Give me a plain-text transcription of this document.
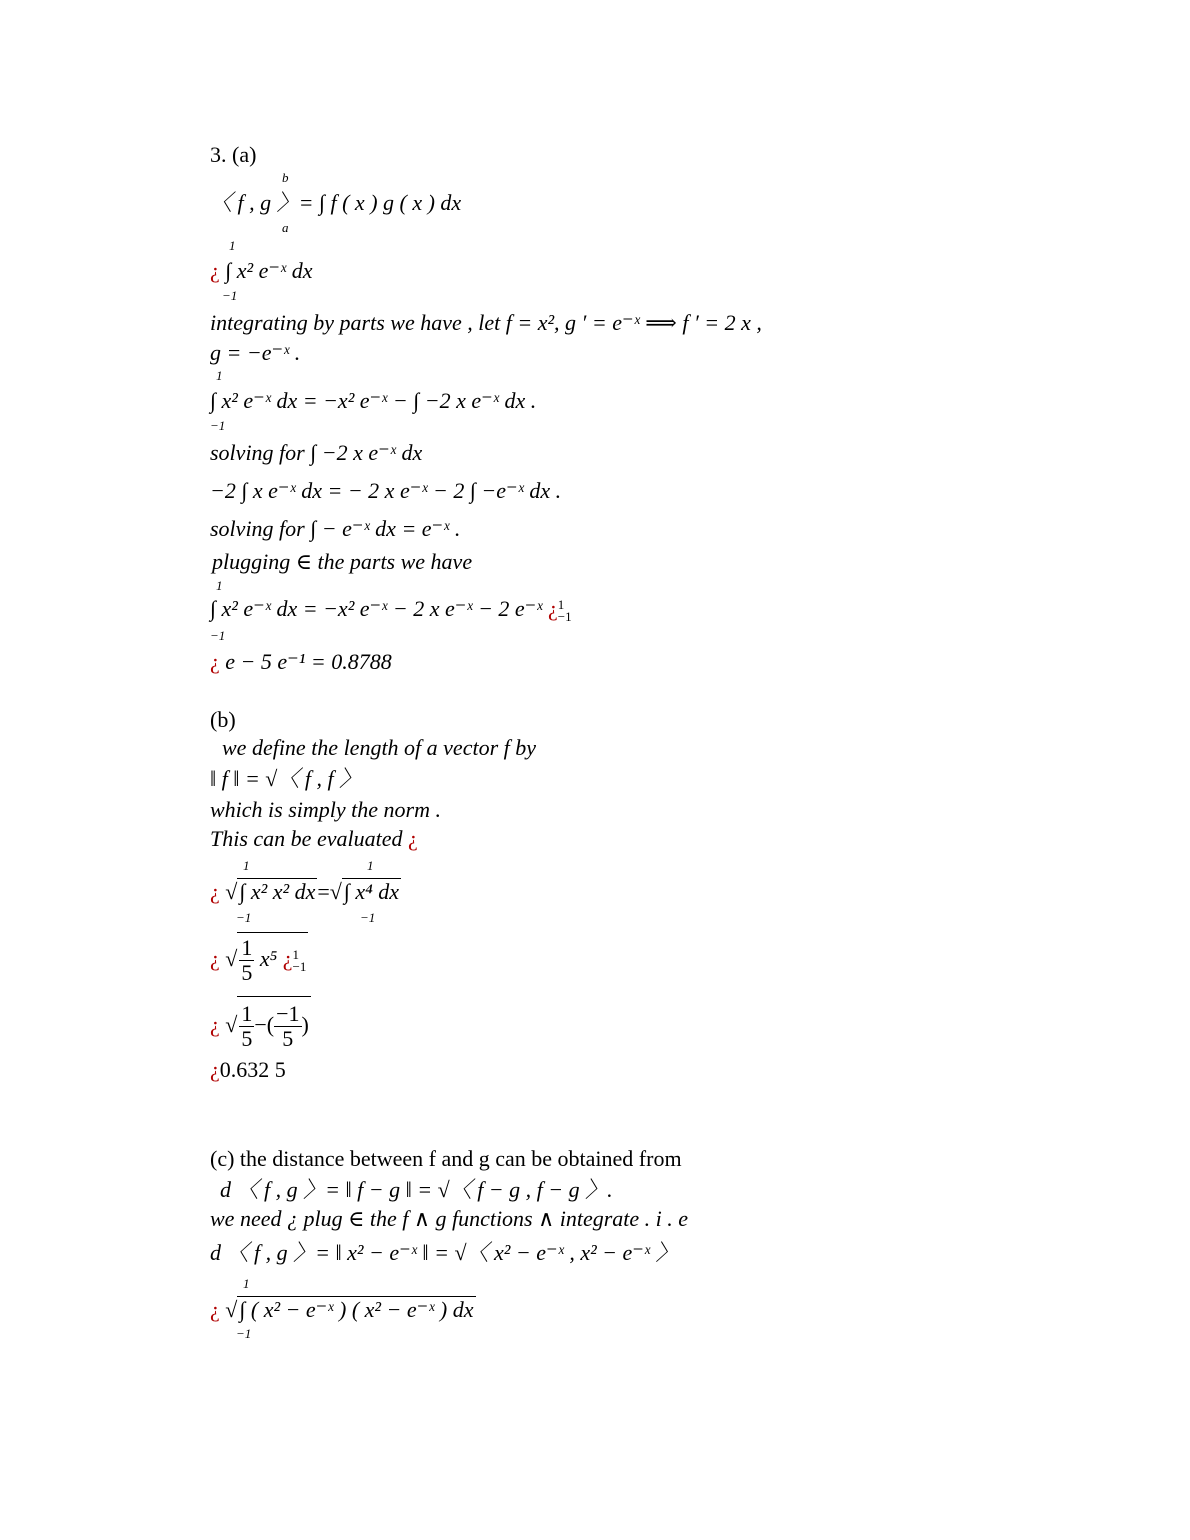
3. (a)
b
〈 f , g 〉= ∫ f ( x ) g ( x ) dx
a
1
¿ ∫ x² e⁻ˣ dx
−1
integrating by parts we have , let f = x², g ′ = e⁻ˣ ⟹ f ′ = 2 x ,
g = −e⁻ˣ .
1
∫ x² e⁻ˣ dx = −x² e⁻ˣ − ∫ −2 x e⁻ˣ dx .
−1
solving for ∫ −2 x e⁻ˣ dx
−2 ∫ x e⁻ˣ dx = − 2 x e⁻ˣ − 2 ∫ −e⁻ˣ dx .
solving for ∫ − e⁻ˣ dx = e⁻ˣ .
plugging ∈ the parts we have
1
∫ x² e⁻ˣ dx = −x² e⁻ˣ − 2 x e⁻ˣ − 2 e⁻ˣ ¿ 1
−1
−1
¿ e − 5 e⁻¹ = 0.8788
(b)
we define the length of a vector f by
‖ f ‖ = √〈 f , f 〉
which is simply the norm .
This can be evaluated ¿
1	1
¿ √∫ x² x² dx=√∫ x⁴ dx
−1	−1
¿ √ $\frac{1}{5} x^5$ ¿ 1
−1
¿ √ $\frac{1}{5}$ −( $\frac{-1}{5}$ )
¿0.632 5
(c) the distance between f and g can be obtained from
d 〈 f , g 〉= ‖ f − g ‖ = √〈 f − g , f − g 〉.
we need ¿ plug ∈ the f ∧ g functions ∧ integrate . i . e
d 〈 f , g 〉= ‖ x² − e⁻ˣ ‖ = √〈 x² − e⁻ˣ , x² − e⁻ˣ 〉
1
¿ √∫ ( x² − e⁻ˣ ) ( x² − e⁻ˣ ) dx
−1
